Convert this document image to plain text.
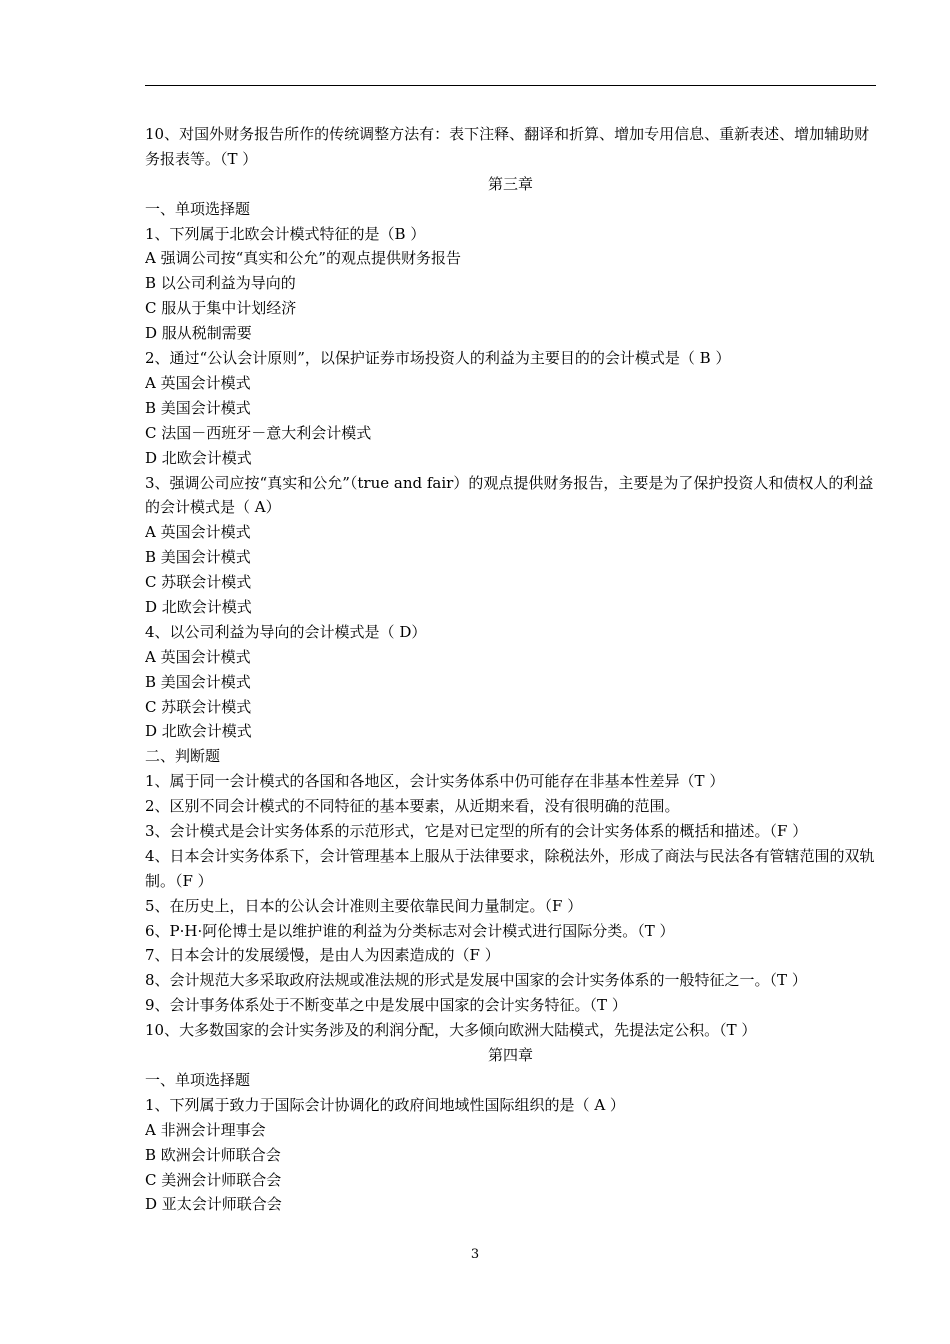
10、对国外财务报告所作的传统调整方法有：表下注释、翻译和折算、增加专用信息、重新表述、增加辅助财务报表等。（T ）
第三章
一、单项选择题
1、下列属于北欧会计模式特征的是（B ）
A 强调公司按“真实和公允”的观点提供财务报告
B 以公司利益为导向的
C 服从于集中计划经济
D 服从税制需要
2、通过“公认会计原则”，以保护证券市场投资人的利益为主要目的的会计模式是（ B ）
A 英国会计模式
B 美国会计模式
C 法国－西班牙－意大利会计模式
D 北欧会计模式
3、强调公司应按“真实和公允”（true and fair）的观点提供财务报告，主要是为了保护投资人和债权人的利益的会计模式是（ A）
A 英国会计模式
B 美国会计模式
C 苏联会计模式
D 北欧会计模式
4、以公司利益为导向的会计模式是（ D）
A 英国会计模式
B 美国会计模式
C 苏联会计模式
D 北欧会计模式
二、判断题
1、属于同一会计模式的各国和各地区，会计实务体系中仍可能存在非基本性差异（T ）
2、区别不同会计模式的不同特征的基本要素，从近期来看，没有很明确的范围。
3、会计模式是会计实务体系的示范形式，它是对已定型的所有的会计实务体系的概括和描述。（F ）
4、日本会计实务体系下，会计管理基本上服从于法律要求，除税法外，形成了商法与民法各有管辖范围的双轨制。（F ）
5、在历史上，日本的公认会计准则主要依靠民间力量制定。（F ）
6、P·H·阿伦博士是以维护谁的利益为分类标志对会计模式进行国际分类。（T ）
7、日本会计的发展缓慢，是由人为因素造成的（F ）
8、会计规范大多采取政府法规或准法规的形式是发展中国家的会计实务体系的一般特征之一。（T ）
9、会计事务体系处于不断变革之中是发展中国家的会计实务特征。（T ）
10、大多数国家的会计实务涉及的利润分配，大多倾向欧洲大陆模式，先提法定公积。（T ）
第四章
一、单项选择题
1、下列属于致力于国际会计协调化的政府间地域性国际组织的是（ A ）
A 非洲会计理事会
B 欧洲会计师联合会
C 美洲会计师联合会
D 亚太会计师联合会
3
